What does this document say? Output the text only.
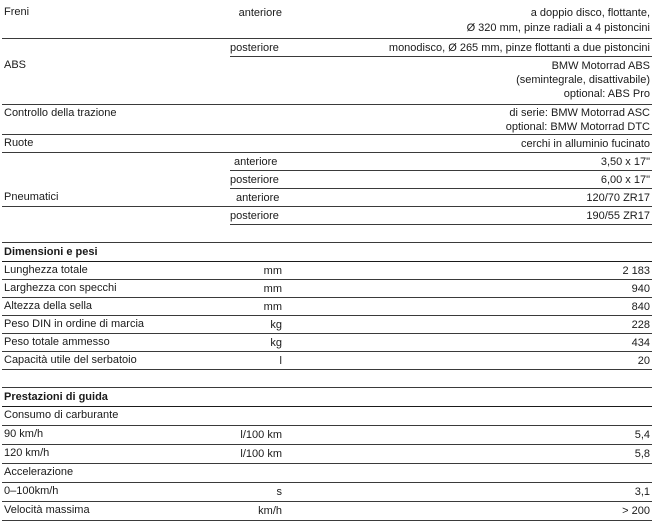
Freni	anteriore	a doppio disco, flottante,
Ø 320 mm, pinze radiali a 4 pistoncini
posteriore	monodisco, Ø 265 mm, pinze flottanti a due pistoncini
ABS	BMW Motorrad ABS
(semintegrale, disattivabile)
optional: ABS Pro
Controllo della trazione	di serie: BMW Motorrad ASC
optional: BMW Motorrad DTC
Ruote	cerchi in alluminio fucinato
anteriore	3,50 x 17"
posteriore	6,00 x 17"
Pneumatici	anteriore	120/70 ZR17
posteriore	190/55 ZR17
Dimensioni e pesi
Lunghezza totale	mm	2 183
Larghezza con specchi	mm	940
Altezza della sella	mm	840
Peso DIN in ordine di marcia	kg	228
Peso totale ammesso	kg	434
Capacità utile del serbatoio	l	20
Prestazioni di guida
Consumo di carburante
90 km/h	l/100 km	5,4
120 km/h	l/100 km	5,8
Accelerazione
0–100km/h	s	3,1
Velocità massima	km/h	> 200
